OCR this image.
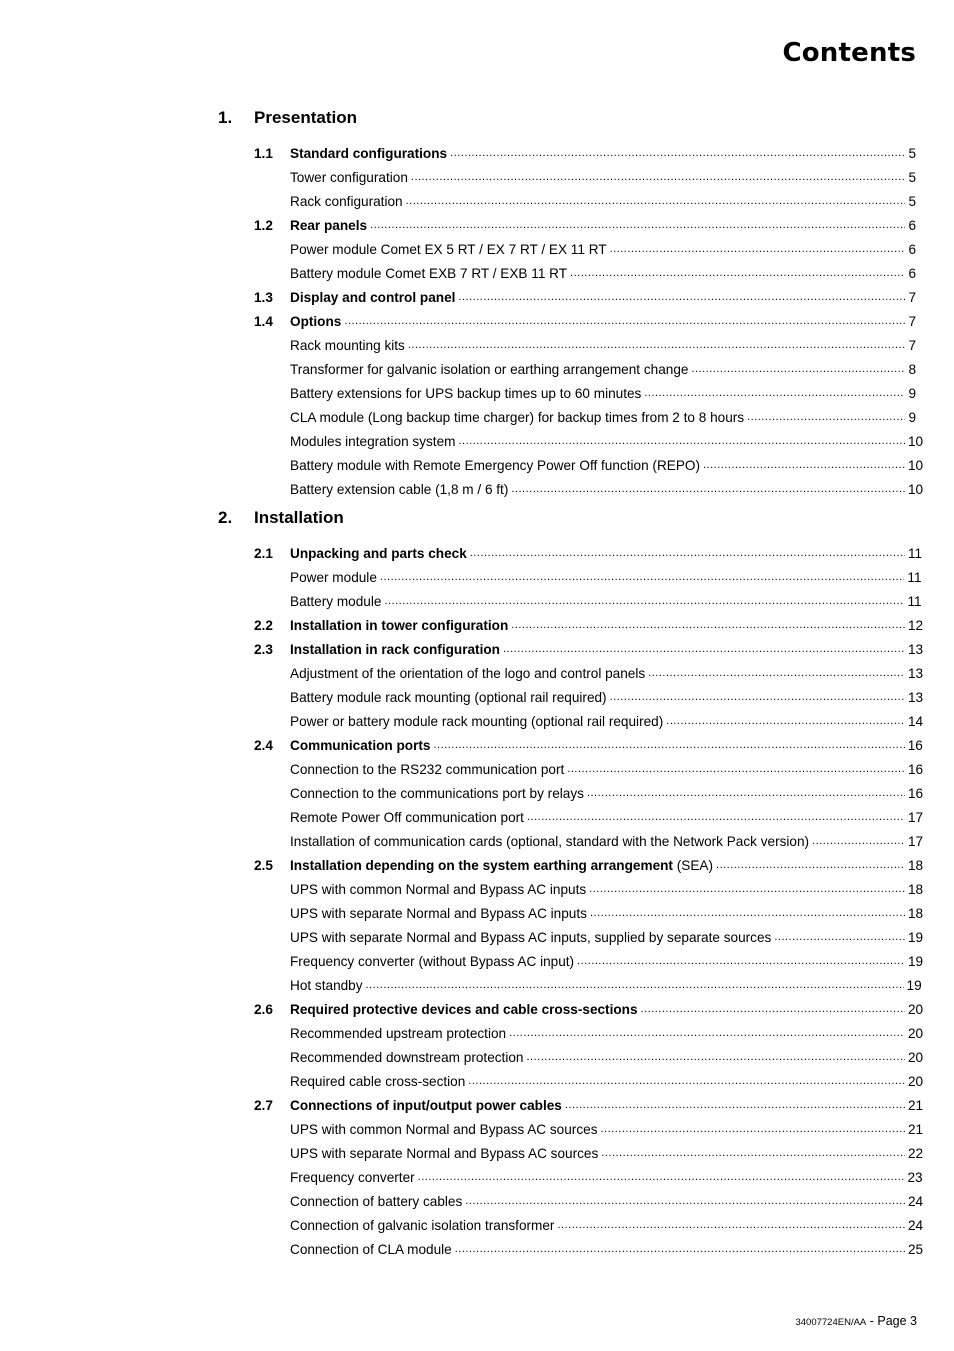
Contents
1.	Presentation
1.1	Standard configurations .....	5
Tower configuration .....	5
Rack configuration .....	5
1.2	Rear panels .....	6
Power module Comet EX 5 RT / EX 7 RT / EX 11 RT .....	6
Battery module Comet EXB 7 RT / EXB 11 RT .....	6
1.3	Display and control panel .....	7
1.4	Options .....	7
Rack mounting kits .....	7
Transformer for galvanic isolation or earthing arrangement change .....	8
Battery extensions for UPS backup times up to 60 minutes .....	9
CLA module (Long backup time charger) for backup times from 2 to 8 hours .....	9
Modules integration system .....	10
Battery module with Remote Emergency Power Off function (REPO) .....	10
Battery extension cable (1,8 m / 6 ft) .....	10
2.	Installation
2.1	Unpacking and parts check .....	11
Power module .....	11
Battery module .....	11
2.2	Installation in tower configuration .....	12
2.3	Installation in rack configuration .....	13
Adjustment of the orientation of the logo and control panels .....	13
Battery module rack mounting (optional rail required) .....	13
Power or battery module rack mounting (optional rail required) .....	14
2.4	Communication ports .....	16
Connection to the RS232 communication port .....	16
Connection to the communications port by relays .....	16
Remote Power Off communication port .....	17
Installation of communication cards (optional, standard with the Network Pack version) .....	17
2.5	Installation depending on the system earthing arrangement (SEA) .....	18
UPS with common Normal and Bypass AC inputs .....	18
UPS with separate Normal and Bypass AC inputs .....	18
UPS with separate Normal and Bypass AC inputs, supplied by separate sources .....	19
Frequency converter (without Bypass AC input) .....	19
Hot standby .....	19
2.6	Required protective devices and cable cross-sections .....	20
Recommended upstream protection .....	20
Recommended downstream protection .....	20
Required cable cross-section .....	20
2.7	Connections of input/output power cables .....	21
UPS with common Normal and Bypass AC sources .....	21
UPS with separate Normal and Bypass AC sources .....	22
Frequency converter .....	23
Connection of battery cables .....	24
Connection of galvanic isolation transformer .....	24
Connection of CLA module .....	25
34007724EN/AA - Page 3
